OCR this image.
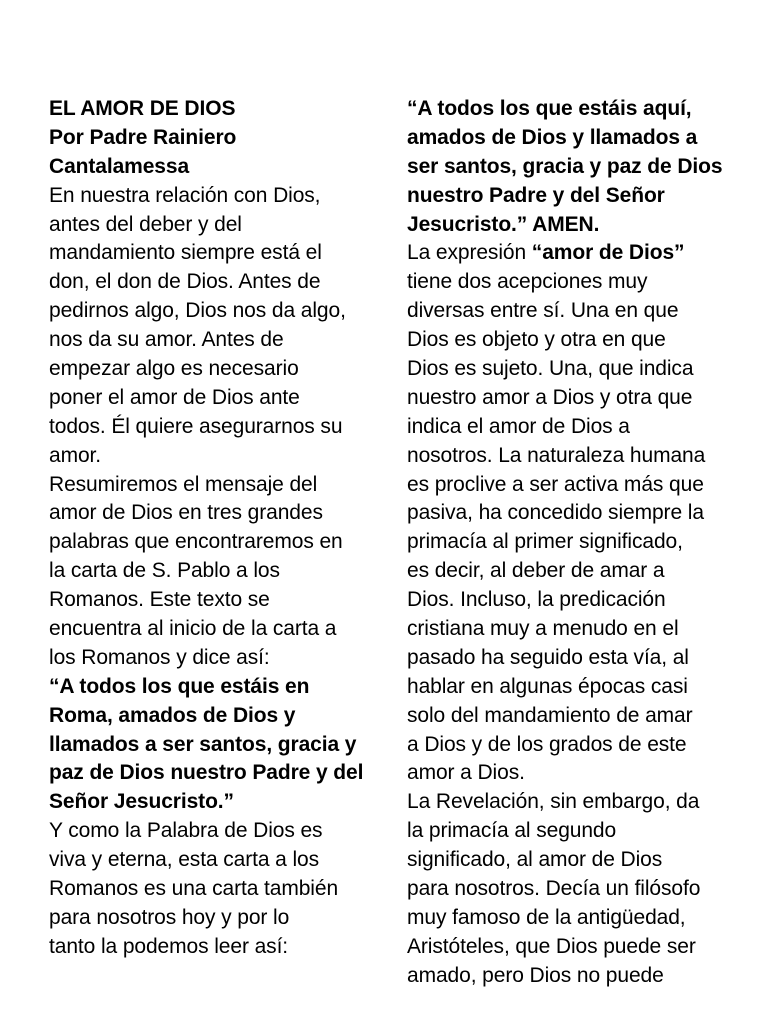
EL AMOR DE DIOS
Por Padre Rainiero
Cantalamessa
En nuestra relación con Dios,
antes del deber y del
mandamiento siempre está el
don, el don de Dios. Antes de
pedirnos algo, Dios nos da algo,
nos da su amor. Antes de
empezar algo es necesario
poner el amor de Dios ante
todos. Él quiere asegurarnos su
amor.
Resumiremos el mensaje del
amor de Dios en tres grandes
palabras que encontraremos en
la carta de S. Pablo a los
Romanos. Este texto se
encuentra al inicio de la carta a
los Romanos y dice así:
“A todos los que estáis en
Roma, amados de Dios y
llamados a ser santos, gracia y
paz de Dios nuestro Padre y del
Señor Jesucristo.”
Y como la Palabra de Dios es
viva y eterna, esta carta a los
Romanos es una carta también
para nosotros hoy y por lo
tanto la podemos leer así:
“A todos los que estáis aquí,
amados de Dios y llamados a
ser santos, gracia y paz de Dios
nuestro Padre y del Señor
Jesucristo.” AMEN.
La expresión “amor de Dios”
tiene dos acepciones muy
diversas entre sí. Una en que
Dios es objeto y otra en que
Dios es sujeto. Una, que indica
nuestro amor a Dios y otra que
indica el amor de Dios a
nosotros. La naturaleza humana
es proclive a ser activa más que
pasiva, ha concedido siempre la
primacía al primer significado,
es decir, al deber de amar a
Dios. Incluso, la predicación
cristiana muy a menudo en el
pasado ha seguido esta vía, al
hablar en algunas épocas casi
solo del mandamiento de amar
a Dios y de los grados de este
amor a Dios.
La Revelación, sin embargo, da
la primacía al segundo
significado, al amor de Dios
para nosotros. Decía un filósofo
muy famoso de la antigüedad,
Aristóteles, que Dios puede ser
amado, pero Dios no puede
